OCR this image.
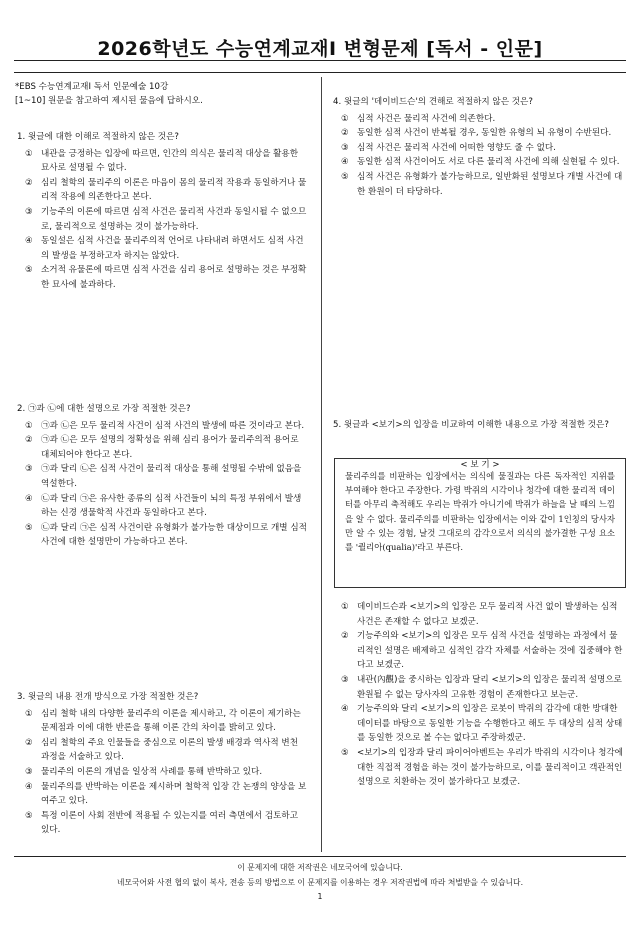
2026학년도 수능연계교재Ⅰ 변형문제 [독서 - 인문]
*EBS 수능연계교재Ⅰ 독서 인문예술 10강
[1~10] 원문을 참고하여 제시된 물음에 답하시오.
1. 윗글에 대한 이해로 적절하지 않은 것은?
① 내관을 긍정하는 입장에 따르면, 인간의 의식은 물리적 대상을 활용한 묘사로 설명될 수 없다.
② 심리 철학의 물리주의 이론은 마음이 몸의 물리적 작용과 동일하거나 물리적 작용에 의존한다고 본다.
③ 기능주의 이론에 따르면 심적 사건은 물리적 사건과 동일시될 수 없으므로, 물리적으로 설명하는 것이 불가능하다.
④ 동일설은 심적 사건을 물리주의적 언어로 나타내려 하면서도 심적 사건의 발생을 부정하고자 하지는 않았다.
⑤ 소거적 유물론에 따르면 심적 사건을 심리 용어로 설명하는 것은 부정확한 묘사에 불과하다.
2. ㉠과 ㉡에 대한 설명으로 가장 적절한 것은?
① ㉠과 ㉡은 모두 물리적 사건이 심적 사건의 발생에 따른 것이라고 본다.
② ㉠과 ㉡은 모두 설명의 정확성을 위해 심리 용어가 물리주의적 용어로 대체되어야 한다고 본다.
③ ㉠과 달리 ㉡은 심적 사건이 물리적 대상을 통해 설명될 수밖에 없음을 역설한다.
④ ㉡과 달리 ㉠은 유사한 종류의 심적 사건들이 뇌의 특정 부위에서 발생하는 신경 생물학적 사건과 동일하다고 본다.
⑤ ㉡과 달리 ㉠은 심적 사건이란 유형화가 불가능한 대상이므로 개별 심적 사건에 대한 설명만이 가능하다고 본다.
3. 윗글의 내용 전개 방식으로 가장 적절한 것은?
① 심리 철학 내의 다양한 물리주의 이론을 제시하고, 각 이론이 제기하는 문제점과 이에 대한 반론을 통해 이론 간의 차이를 밝히고 있다.
② 심리 철학의 주요 인물들을 중심으로 이론의 발생 배경과 역사적 변천 과정을 서술하고 있다.
③ 물리주의 이론의 개념을 일상적 사례를 통해 반박하고 있다.
④ 물리주의를 반박하는 이론을 제시하며 철학적 입장 간 논쟁의 양상을 보여주고 있다.
⑤ 특정 이론이 사회 전반에 적용될 수 있는지를 여러 측면에서 검토하고 있다.
4. 윗글의 '데이비드슨'의 견해로 적절하지 않은 것은?
① 심적 사건은 물리적 사건에 의존한다.
② 동일한 심적 사건이 반복될 경우, 동일한 유형의 뇌 유형이 수반된다.
③ 심적 사건은 물리적 사건에 어떠한 영향도 줄 수 없다.
④ 동일한 심적 사건이어도 서로 다른 물리적 사건에 의해 실현될 수 있다.
⑤ 심적 사건은 유형화가 불가능하므로, 일반화된 설명보다 개별 사건에 대한 환원이 더 타당하다.
5. 윗글과 <보기>의 입장을 비교하여 이해한 내용으로 가장 적절한 것은?
< 보 기 >
물리주의를 비판하는 입장에서는 의식에 물질과는 다른 독자적인 지위를 부여해야 한다고 주장한다. 가령 박쥐의 시각이나 청각에 대한 물리적 데이터를 아무리 축적해도 우리는 박쥐가 아니기에 박쥐가 하늘을 날 때의 느낌을 알 수 없다. 물리주의를 비판하는 입장에서는 이와 같이 1인칭의 당사자만 알 수 있는 경험, 날것 그대로의 감각으로서 의식의 불가결한 구성 요소를 '퀄리아(qualia)'라고 부른다.
① 데이비드슨과 <보기>의 입장은 모두 물리적 사건 없이 발생하는 심적 사건은 존재할 수 없다고 보겠군.
② 기능주의와 <보기>의 입장은 모두 심적 사건을 설명하는 과정에서 물리적인 설명은 배제하고 심적인 감각 자체를 서술하는 것에 집중해야 한다고 보겠군.
③ 내관(內觀)을 중시하는 입장과 달리 <보기>의 입장은 물리적 설명으로 환원될 수 없는 당사자의 고유한 경험이 존재한다고 보는군.
④ 기능주의와 달리 <보기>의 입장은 로봇이 박쥐의 감각에 대한 방대한 데이터를 바탕으로 동일한 기능을 수행한다고 해도 두 대상의 심적 상태를 동일한 것으로 볼 수는 없다고 주장하겠군.
⑤ <보기>의 입장과 달리 파이어아벤트는 우리가 박쥐의 시각이나 청각에 대한 직접적 경험을 하는 것이 불가능하므로, 이를 물리적이고 객관적인 설명으로 치환하는 것이 불가하다고 보겠군.
이 문제지에 대한 저작권은 네모국어에 있습니다.
네모국어와 사전 협의 없이 복사, 전송 등의 방법으로 이 문제지를 이용하는 경우 저작권법에 따라 처벌받을 수 있습니다.
1
